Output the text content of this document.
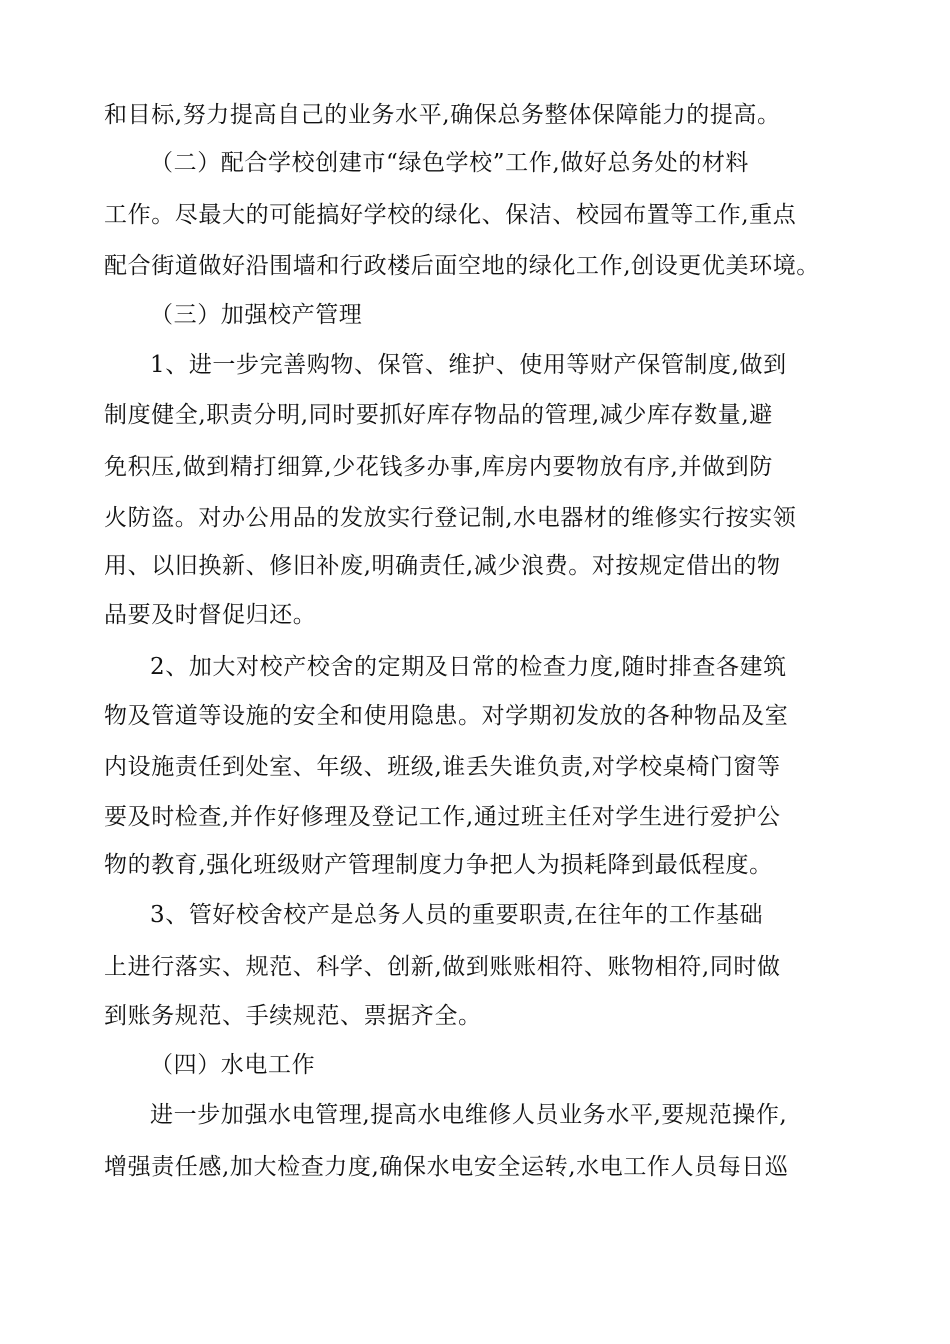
和目标,努力提高自己的业务水平,确保总务整体保障能力的提高。
（二）配合学校创建市“绿色学校”工作,做好总务处的材料
工作。尽最大的可能搞好学校的绿化、保洁、校园布置等工作,重点
配合街道做好沿围墙和行政楼后面空地的绿化工作,创设更优美环境。
（三）加强校产管理
1、进一步完善购物、保管、维护、使用等财产保管制度,做到
制度健全,职责分明,同时要抓好库存物品的管理,减少库存数量,避
免积压,做到精打细算,少花钱多办事,库房内要物放有序,并做到防
火防盗。对办公用品的发放实行登记制,水电器材的维修实行按实领
用、以旧换新、修旧补废,明确责任,减少浪费。对按规定借出的物
品要及时督促归还。
2、加大对校产校舍的定期及日常的检查力度,随时排查各建筑
物及管道等设施的安全和使用隐患。对学期初发放的各种物品及室
内设施责任到处室、年级、班级,谁丢失谁负责,对学校桌椅门窗等
要及时检查,并作好修理及登记工作,通过班主任对学生进行爱护公
物的教育,强化班级财产管理制度力争把人为损耗降到最低程度。
3、管好校舍校产是总务人员的重要职责,在往年的工作基础
上进行落实、规范、科学、创新,做到账账相符、账物相符,同时做
到账务规范、手续规范、票据齐全。
（四）水电工作
进一步加强水电管理,提高水电维修人员业务水平,要规范操作,
增强责任感,加大检查力度,确保水电安全运转,水电工作人员每日巡
